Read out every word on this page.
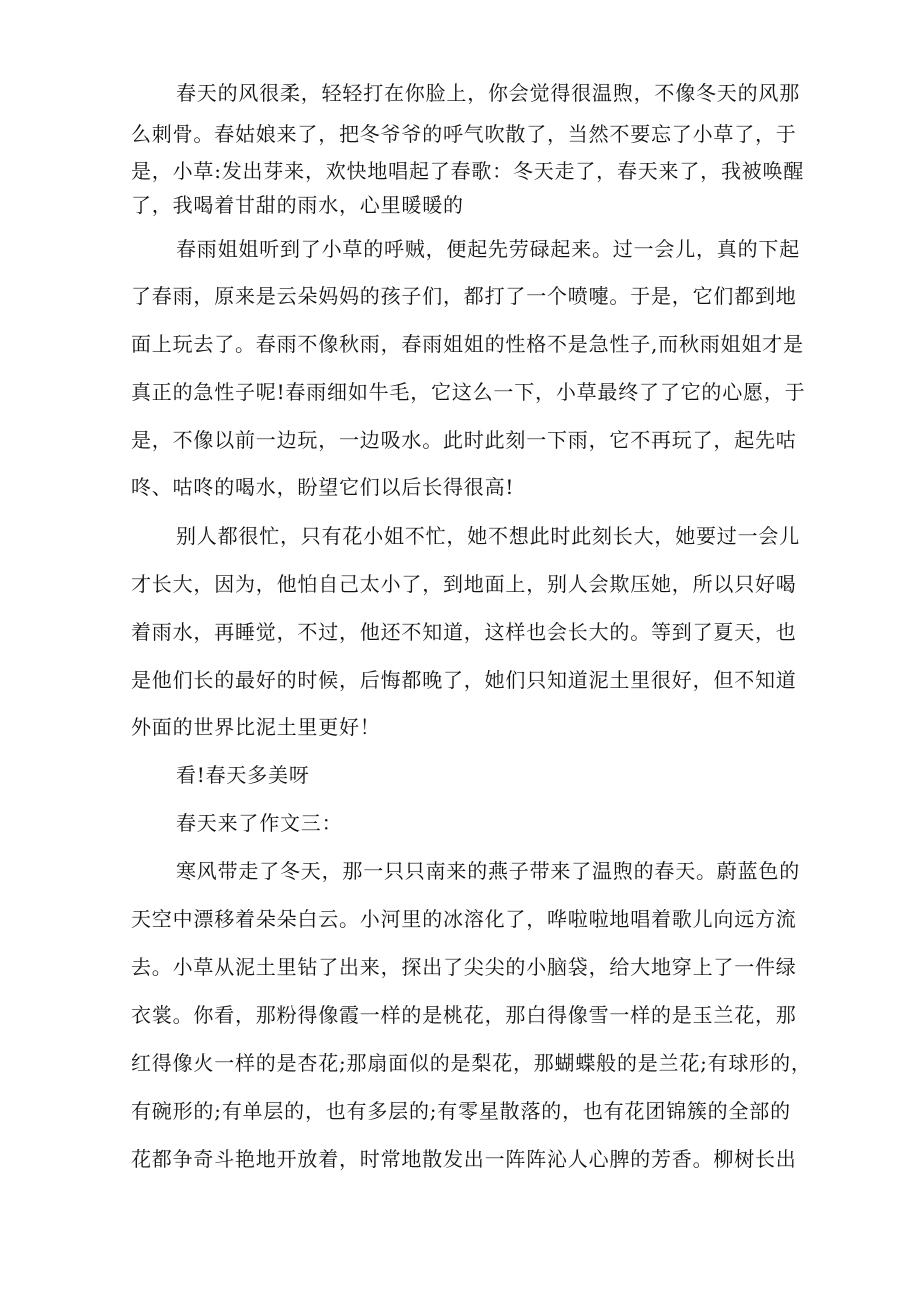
春天的风很柔，轻轻打在你脸上，你会觉得很温煦，不像冬天的风那
么刺骨。春姑娘来了，把冬爷爷的呼气吹散了，当然不要忘了小草了，于
是，小草:发出芽来，欢快地唱起了春歌：冬天走了，春天来了，我被唤醒
了，我喝着甘甜的雨水，心里暖暖的
春雨姐姐听到了小草的呼贼，便起先劳碌起来。过一会儿，真的下起
了春雨，原来是云朵妈妈的孩子们，都打了一个喷嚏。于是，它们都到地
面上玩去了。春雨不像秋雨，春雨姐姐的性格不是急性子,而秋雨姐姐才是
真正的急性子呢!春雨细如牛毛，它这么一下，小草最终了了它的心愿，于
是，不像以前一边玩，一边吸水。此时此刻一下雨，它不再玩了，起先咕
咚、咕咚的喝水，盼望它们以后长得很高!
别人都很忙，只有花小姐不忙，她不想此时此刻长大，她要过一会儿
才长大，因为，他怕自己太小了，到地面上，别人会欺压她，所以只好喝
着雨水，再睡觉，不过，他还不知道，这样也会长大的。等到了夏天，也
是他们长的最好的时候，后悔都晚了，她们只知道泥土里很好，但不知道
外面的世界比泥土里更好！
看!春天多美呀
春天来了作文三：
寒风带走了冬天，那一只只南来的燕子带来了温煦的春天。蔚蓝色的
天空中漂移着朵朵白云。小河里的冰溶化了，哗啦啦地唱着歌儿向远方流
去。小草从泥土里钻了出来，探出了尖尖的小脑袋，给大地穿上了一件绿
衣裳。你看，那粉得像霞一样的是桃花，那白得像雪一样的是玉兰花，那
红得像火一样的是杏花;那扇面似的是梨花，那蝴蝶般的是兰花;有球形的，
有碗形的;有单层的，也有多层的;有零星散落的，也有花团锦簇的全部的
花都争奇斗艳地开放着，时常地散发出一阵阵沁人心脾的芳香。柳树长出
